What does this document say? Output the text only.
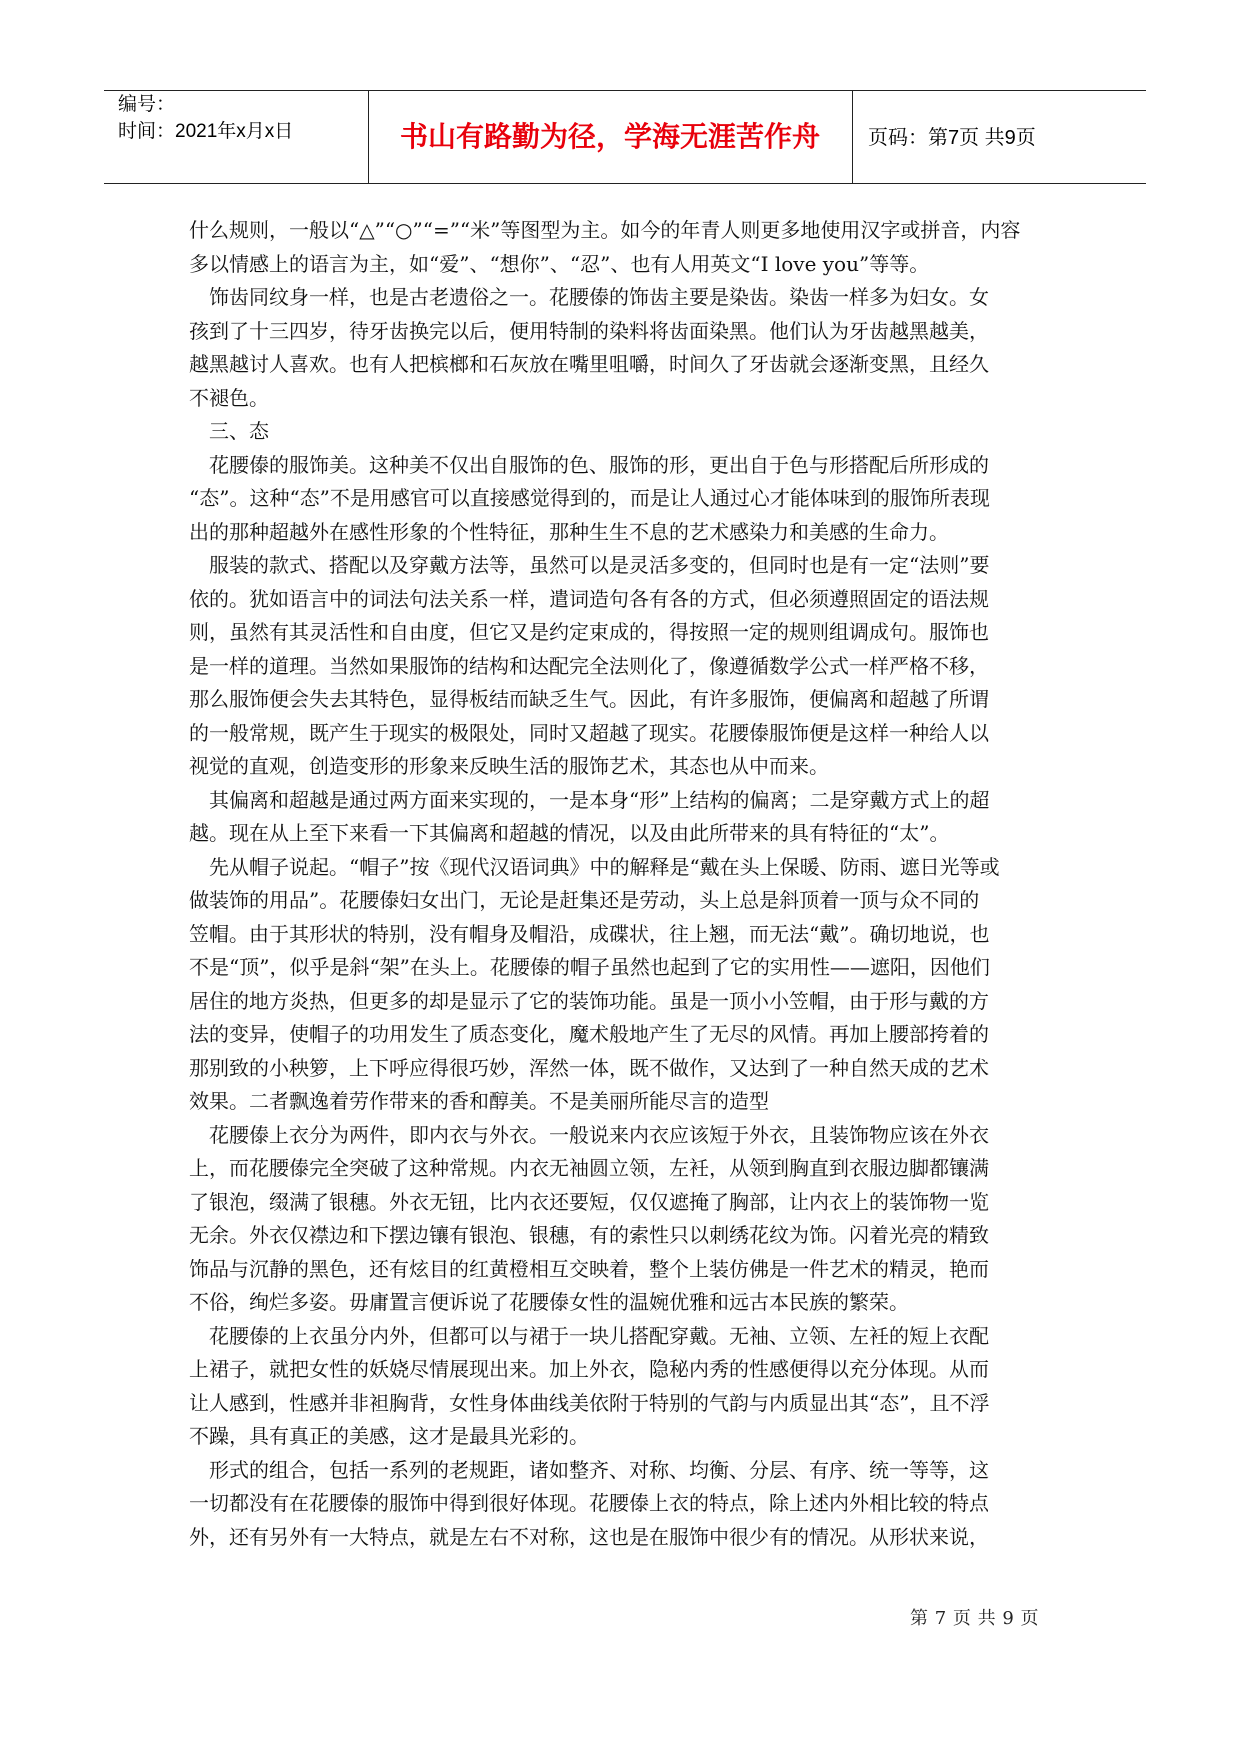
编号：
时间：2021年x月x日	书山有路勤为径，学海无涯苦作舟	页码：第7页 共9页
什么规则，一般以“△”“○”“=”“米”等图型为主。如今的年青人则更多地使用汉字或拼音，内容
多以情感上的语言为主，如“爱”、“想你”、“忍”、也有人用英文“I love you”等等。
饰齿同纹身一样，也是古老遗俗之一。花腰傣的饰齿主要是染齿。染齿一样多为妇女。女
孩到了十三四岁，待牙齿换完以后，便用特制的染料将齿面染黑。他们认为牙齿越黑越美，
越黑越讨人喜欢。也有人把槟榔和石灰放在嘴里咀嚼，时间久了牙齿就会逐渐变黑，且经久
不褪色。
三、态
花腰傣的服饰美。这种美不仅出自服饰的色、服饰的形，更出自于色与形搭配后所形成的
“态”。这种“态”不是用感官可以直接感觉得到的，而是让人通过心才能体味到的服饰所表现
出的那种超越外在感性形象的个性特征，那种生生不息的艺术感染力和美感的生命力。
服装的款式、搭配以及穿戴方法等，虽然可以是灵活多变的，但同时也是有一定“法则”要
依的。犹如语言中的词法句法关系一样，遣词造句各有各的方式，但必须遵照固定的语法规
则，虽然有其灵活性和自由度，但它又是约定束成的，得按照一定的规则组调成句。服饰也
是一样的道理。当然如果服饰的结构和达配完全法则化了，像遵循数学公式一样严格不移，
那么服饰便会失去其特色，显得板结而缺乏生气。因此，有许多服饰，便偏离和超越了所谓
的一般常规，既产生于现实的极限处，同时又超越了现实。花腰傣服饰便是这样一种给人以
视觉的直观，创造变形的形象来反映生活的服饰艺术，其态也从中而来。
其偏离和超越是通过两方面来实现的，一是本身“形”上结构的偏离；二是穿戴方式上的超
越。现在从上至下来看一下其偏离和超越的情况，以及由此所带来的具有特征的“太”。
先从帽子说起。“帽子”按《现代汉语词典》中的解释是“戴在头上保暖、防雨、遮日光等或
做装饰的用品”。花腰傣妇女出门，无论是赶集还是劳动，头上总是斜顶着一顶与众不同的
笠帽。由于其形状的特别，没有帽身及帽沿，成碟状，往上翘，而无法“戴”。确切地说，也
不是“顶”，似乎是斜“架”在头上。花腰傣的帽子虽然也起到了它的实用性——遮阳，因他们
居住的地方炎热，但更多的却是显示了它的装饰功能。虽是一顶小小笠帽，由于形与戴的方
法的变异，使帽子的功用发生了质态变化，魔术般地产生了无尽的风情。再加上腰部挎着的
那别致的小秧箩，上下呼应得很巧妙，浑然一体，既不做作，又达到了一种自然天成的艺术
效果。二者飘逸着劳作带来的香和醇美。不是美丽所能尽言的造型
花腰傣上衣分为两件，即内衣与外衣。一般说来内衣应该短于外衣，且装饰物应该在外衣
上，而花腰傣完全突破了这种常规。内衣无袖圆立领，左衽，从领到胸直到衣服边脚都镶满
了银泡，缀满了银穗。外衣无钮，比内衣还要短，仅仅遮掩了胸部，让内衣上的装饰物一览
无余。外衣仅襟边和下摆边镶有银泡、银穗，有的索性只以刺绣花纹为饰。闪着光亮的精致
饰品与沉静的黑色，还有炫目的红黄橙相互交映着，整个上装仿佛是一件艺术的精灵，艳而
不俗，绚烂多姿。毋庸置言便诉说了花腰傣女性的温婉优雅和远古本民族的繁荣。
花腰傣的上衣虽分内外，但都可以与裙于一块儿搭配穿戴。无袖、立领、左衽的短上衣配
上裙子，就把女性的妖娆尽情展现出来。加上外衣，隐秘内秀的性感便得以充分体现。从而
让人感到，性感并非袒胸背，女性身体曲线美依附于特别的气韵与内质显出其“态”，且不浮
不躁，具有真正的美感，这才是最具光彩的。
形式的组合，包括一系列的老规距，诸如整齐、对称、均衡、分层、有序、统一等等，这
一切都没有在花腰傣的服饰中得到很好体现。花腰傣上衣的特点，除上述内外相比较的特点
外，还有另外有一大特点，就是左右不对称，这也是在服饰中很少有的情况。从形状来说，
第 7 页 共 9 页
